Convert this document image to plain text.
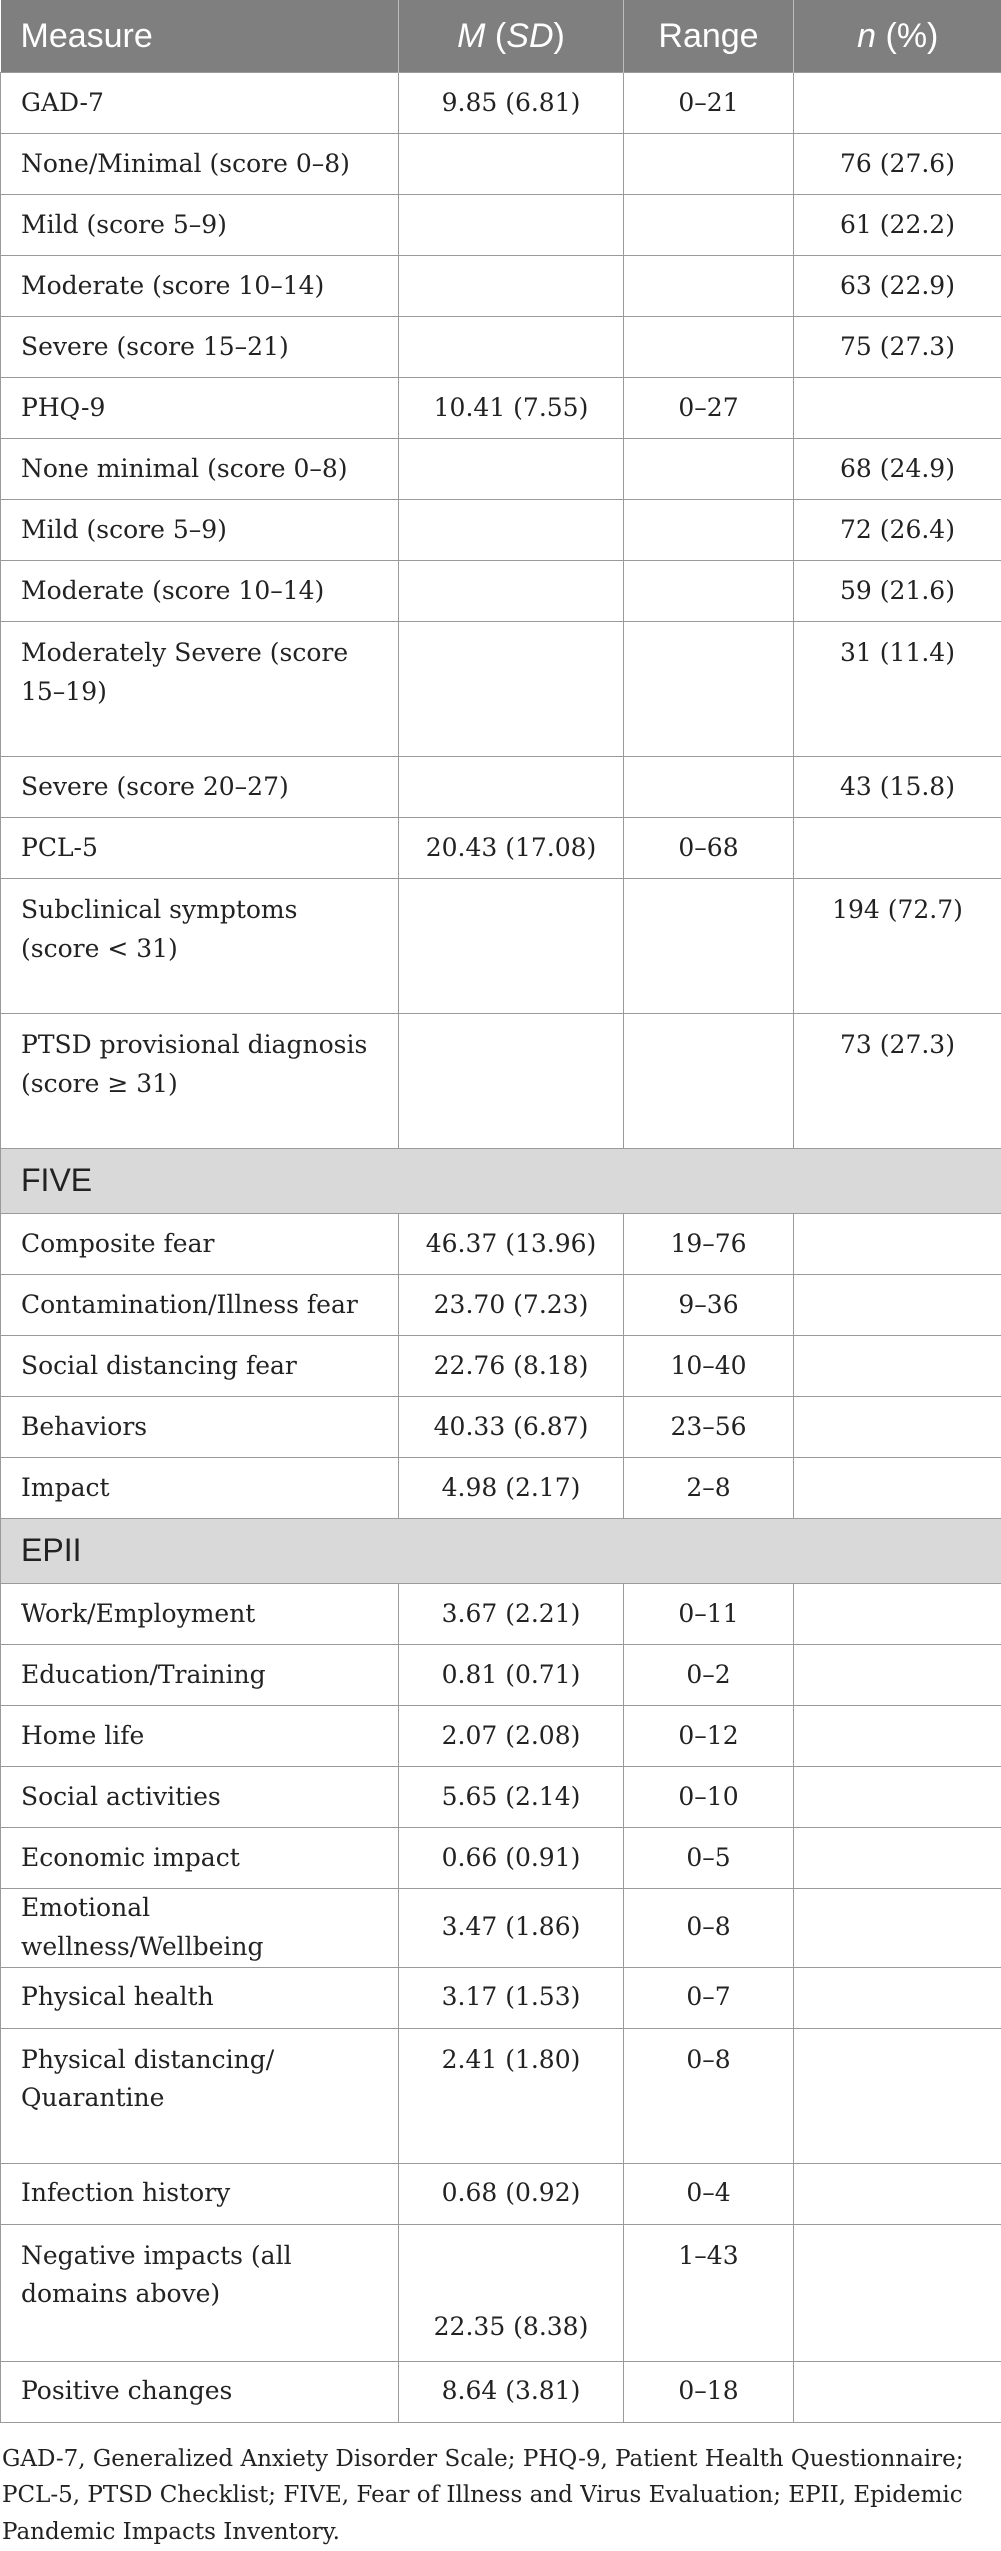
Measure	M (SD)	Range	n (%)
GAD-7	9.85 (6.81)	0–21	
None/Minimal (score 0–8)			76 (27.6)
Mild (score 5–9)			61 (22.2)
Moderate (score 10–14)			63 (22.9)
Severe (score 15–21)			75 (27.3)
PHQ-9	10.41 (7.55)	0–27	
None minimal (score 0–8)			68 (24.9)
Mild (score 5–9)			72 (26.4)
Moderate (score 10–14)			59 (21.6)
Moderately Severe (score 15–19)			31 (11.4)
Severe (score 20–27)			43 (15.8)
PCL-5	20.43 (17.08)	0–68	
Subclinical symptoms (score < 31)			194 (72.7)
PTSD provisional diagnosis (score ≥ 31)			73 (27.3)
FIVE			
Composite fear	46.37 (13.96)	19–76	
Contamination/Illness fear	23.70 (7.23)	9–36	
Social distancing fear	22.76 (8.18)	10–40	
Behaviors	40.33 (6.87)	23–56	
Impact	4.98 (2.17)	2–8	
EPII			
Work/Employment	3.67 (2.21)	0–11	
Education/Training	0.81 (0.71)	0–2	
Home life	2.07 (2.08)	0–12	
Social activities	5.65 (2.14)	0–10	
Economic impact	0.66 (0.91)	0–5	
Emotional wellness/Wellbeing	3.47 (1.86)	0–8	
Physical health	3.17 (1.53)	0–7	
Physical distancing/ Quarantine	2.41 (1.80)	0–8	
Infection history	0.68 (0.92)	0–4	
Negative impacts (all domains above)	22.35 (8.38)	1–43	
Positive changes	8.64 (3.81)	0–18	
GAD-7, Generalized Anxiety Disorder Scale; PHQ-9, Patient Health Questionnaire; PCL-5, PTSD Checklist; FIVE, Fear of Illness and Virus Evaluation; EPII, Epidemic Pandemic Impacts Inventory.
